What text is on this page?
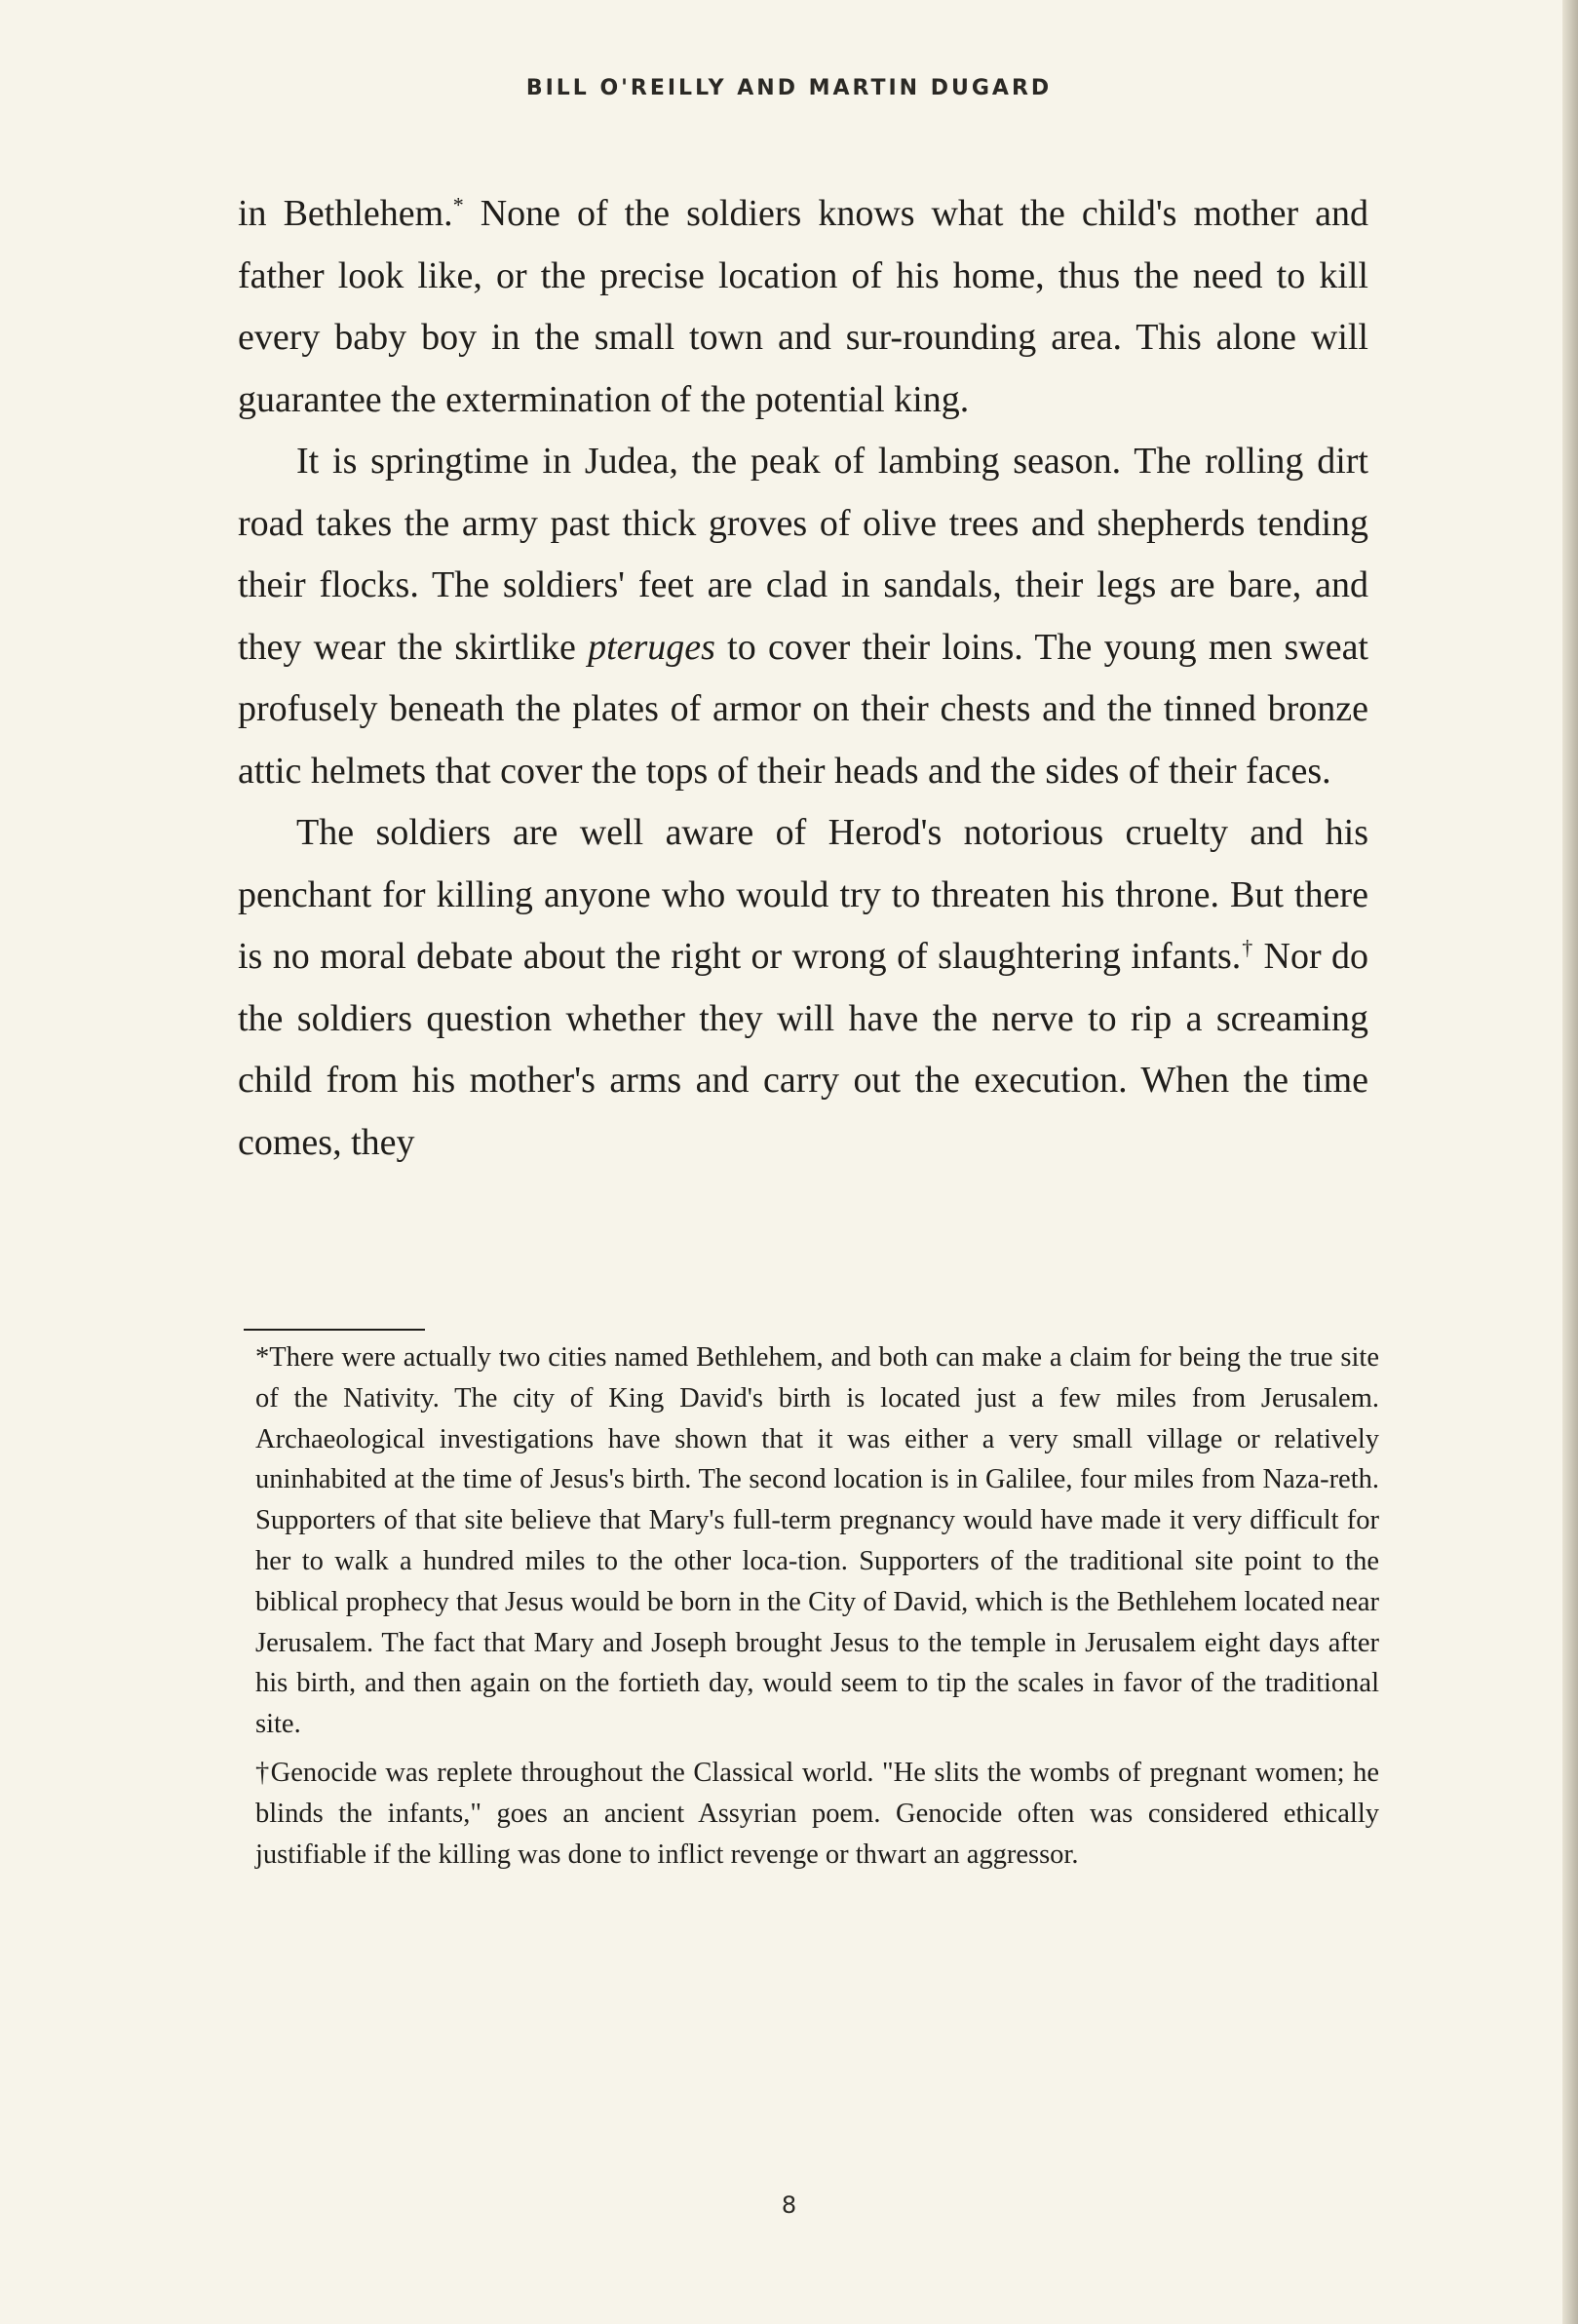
BILL O'REILLY AND MARTIN DUGARD

in Bethlehem.* None of the soldiers knows what the child's mother and father look like, or the precise location of his home, thus the need to kill every baby boy in the small town and sur-rounding area. This alone will guarantee the extermination of the potential king.

It is springtime in Judea, the peak of lambing season. The rolling dirt road takes the army past thick groves of olive trees and shepherds tending their flocks. The soldiers' feet are clad in sandals, their legs are bare, and they wear the skirtlike pteruges to cover their loins. The young men sweat profusely beneath the plates of armor on their chests and the tinned bronze attic helmets that cover the tops of their heads and the sides of their faces.

The soldiers are well aware of Herod's notorious cruelty and his penchant for killing anyone who would try to threaten his throne. But there is no moral debate about the right or wrong of slaughtering infants.† Nor do the soldiers question whether they will have the nerve to rip a screaming child from his mother's arms and carry out the execution. When the time comes, they

*There were actually two cities named Bethlehem, and both can make a claim for being the true site of the Nativity. The city of King David's birth is located just a few miles from Jerusalem. Archaeological investigations have shown that it was either a very small village or relatively uninhabited at the time of Jesus's birth. The second location is in Galilee, four miles from Naza-reth. Supporters of that site believe that Mary's full-term pregnancy would have made it very difficult for her to walk a hundred miles to the other loca-tion. Supporters of the traditional site point to the biblical prophecy that Jesus would be born in the City of David, which is the Bethlehem located near Jerusalem. The fact that Mary and Joseph brought Jesus to the temple in Jerusalem eight days after his birth, and then again on the fortieth day, would seem to tip the scales in favor of the traditional site.

†Genocide was replete throughout the Classical world. "He slits the wombs of pregnant women; he blinds the infants," goes an ancient Assyrian poem. Genocide often was considered ethically justifiable if the killing was done to inflict revenge or thwart an aggressor.

8
